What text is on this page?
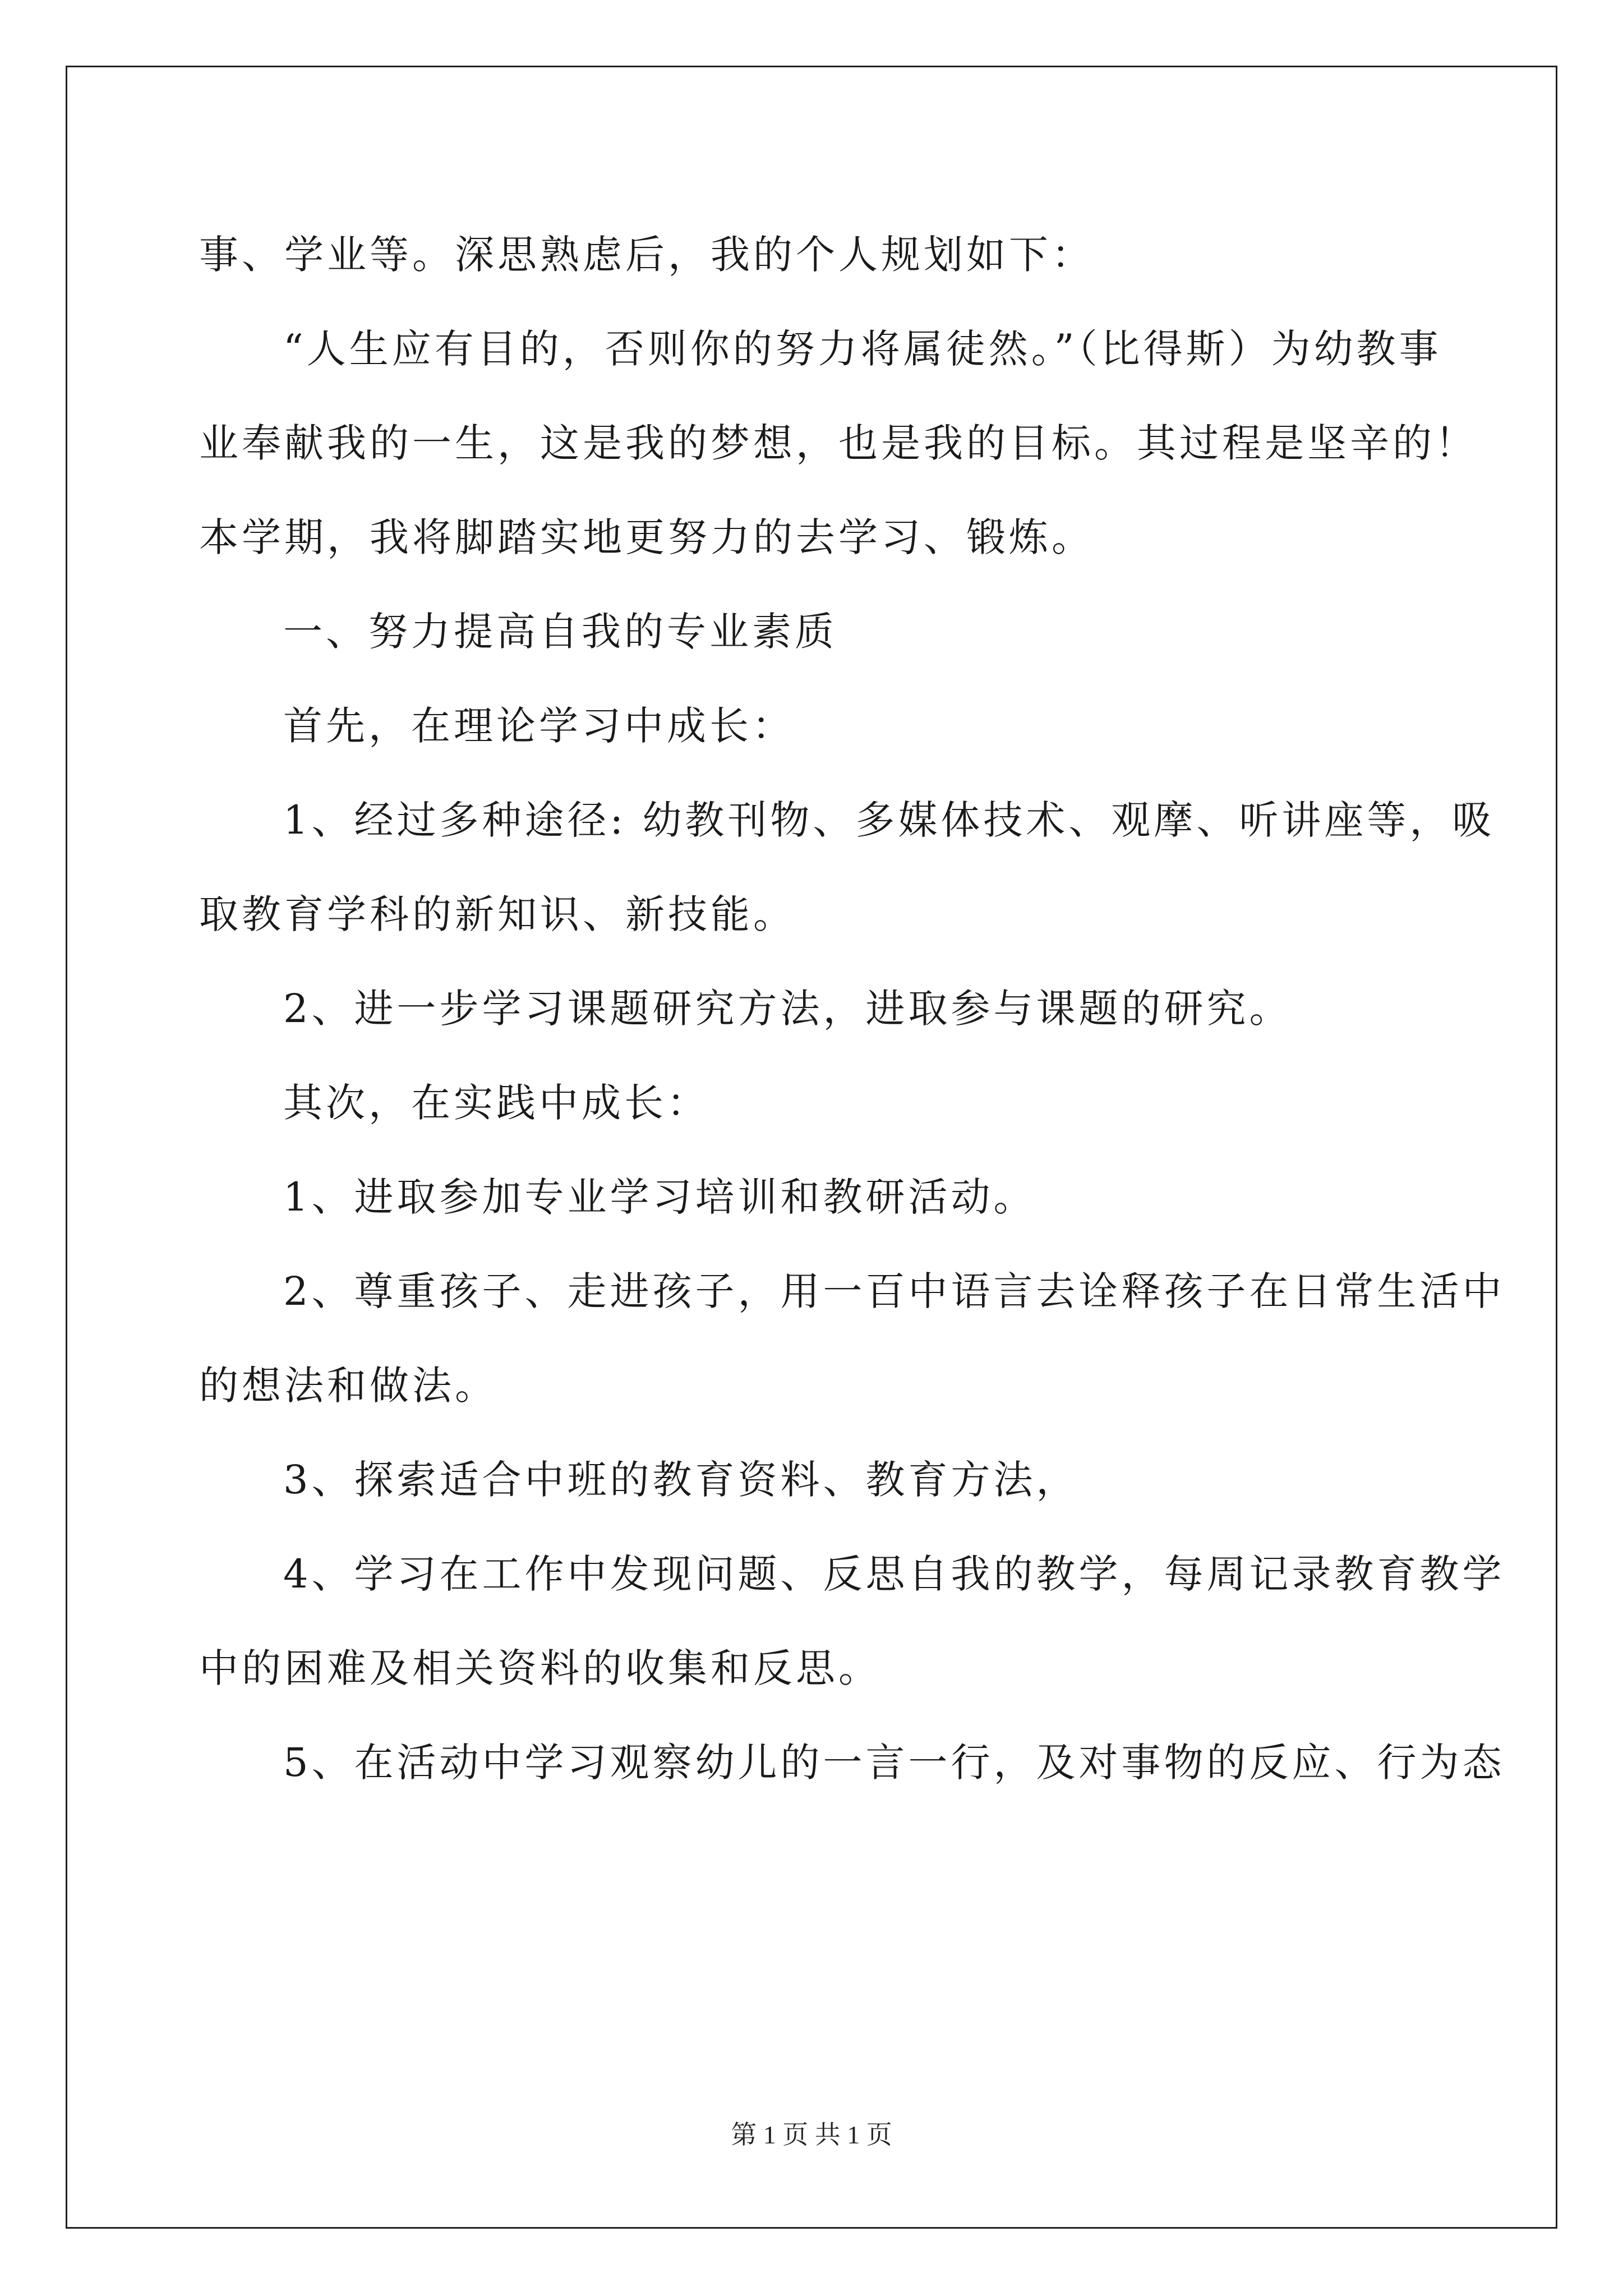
事、学业等。深思熟虑后，我的个人规划如下：
“人生应有目的，否则你的努力将属徒然。”（比得斯）为幼教事
业奉献我的一生，这是我的梦想，也是我的目标。其过程是坚辛的！
本学期，我将脚踏实地更努力的去学习、锻炼。
一、努力提高自我的专业素质
首先，在理论学习中成长：
1、经过多种途径: 幼教刊物、多媒体技术、观摩、听讲座等，吸
取教育学科的新知识、新技能。
2、进一步学习课题研究方法，进取参与课题的研究。
其次，在实践中成长：
1、进取参加专业学习培训和教研活动。
2、尊重孩子、走进孩子，用一百中语言去诠释孩子在日常生活中
的想法和做法。
3、探索适合中班的教育资料、教育方法，
4、学习在工作中发现问题、反思自我的教学，每周记录教育教学
中的困难及相关资料的收集和反思。
5、在活动中学习观察幼儿的一言一行，及对事物的反应、行为态
第 1 页 共 1 页
